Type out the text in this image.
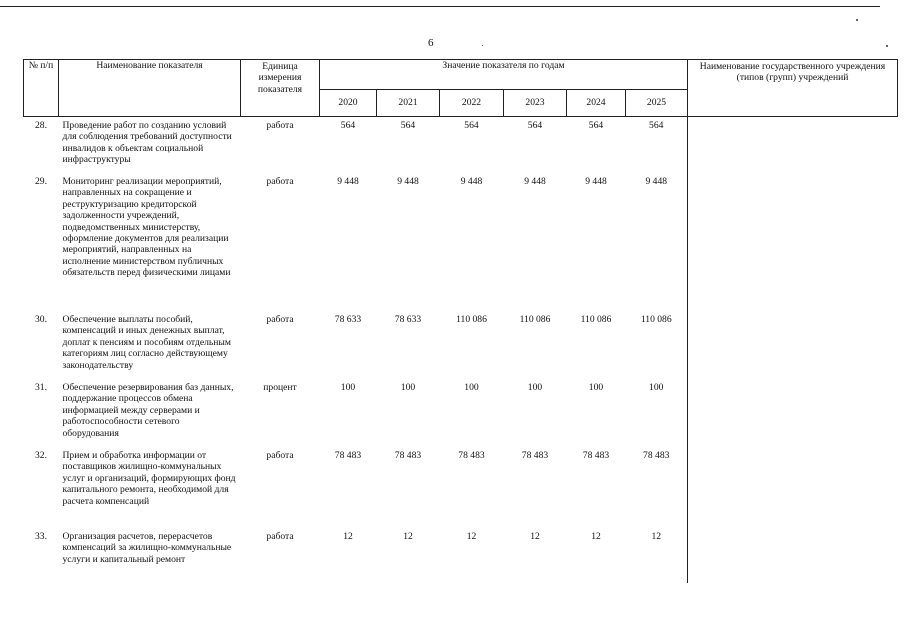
6
№ п/п	Наименование показателя	Единица измерения показателя	Значение показателя по годам						Наименование государственного учреждения (типов (групп) учреждений
			2020	2021	2022	2023	2024	2025	
28.	Проведение работ по созданию условий для соблюдения требований доступности инвалидов к объектам социальной инфраструктуры	работа	564	564	564	564	564	564	
29.	Мониторинг реализации мероприятий, направленных на сокращение и реструктуризацию кредиторской задолженности учреждений, подведомственных министерству, оформление документов для реализации мероприятий, направленных на исполнение министерством публичных обязательств перед физическими лицами	работа	9 448	9 448	9 448	9 448	9 448	9 448	
30.	Обеспечение выплаты пособий, компенсаций и иных денежных выплат, доплат к пенсиям и пособиям отдельным категориям лиц согласно действующему законодательству	работа	78 633	78 633	110 086	110 086	110 086	110 086	
31.	Обеспечение резервирования баз данных, поддержание процессов обмена информацией между серверами и работоспособности сетевого оборудования	процент	100	100	100	100	100	100	
32.	Прием и обработка информации от поставщиков жилищно-коммунальных услуг и организаций, формирующих фонд капитального ремонта, необходимой для расчета компенсаций	работа	78 483	78 483	78 483	78 483	78 483	78 483	
33.	Организация расчетов, перерасчетов компенсаций за жилищно-коммунальные услуги и капитальный ремонт	работа	12	12	12	12	12	12	
